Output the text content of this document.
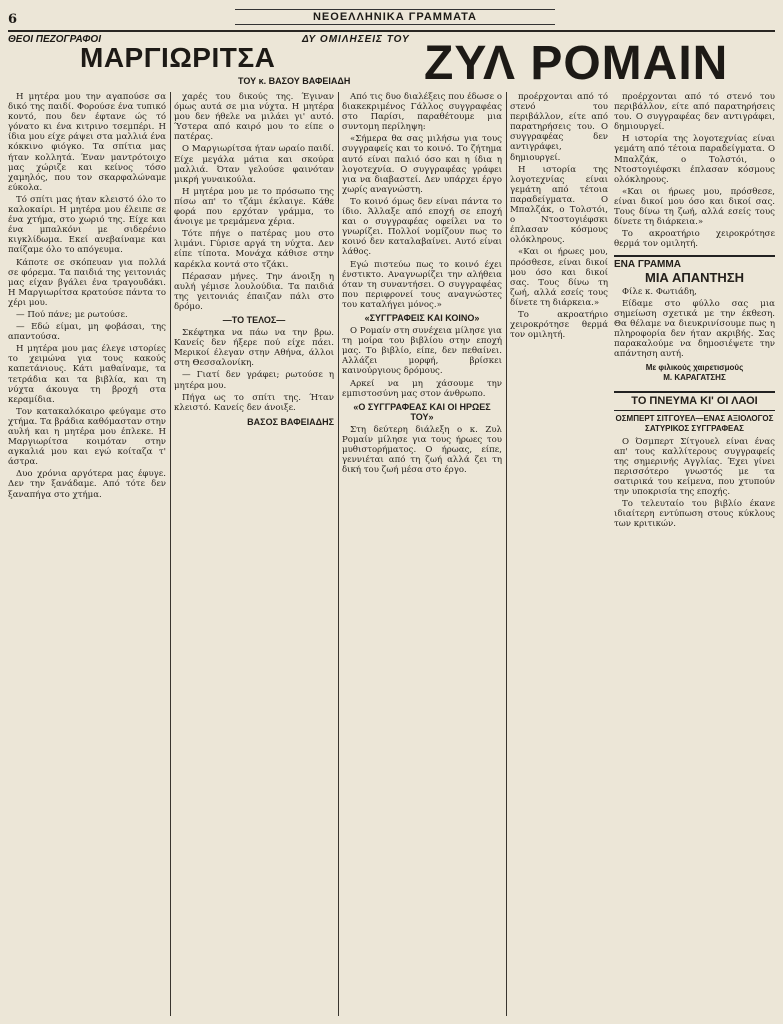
6	ΝΕΟΕΛΛΗΝΙΚΑ ΓΡΑΜΜΑΤΑ
ΘΕΟΙ ΠΕΖΟΓΡΑΦΟΙ	ΔΥ ΟΜΙΛΗΣΕΙΣ ΤΟΥ
ΜΑΡΓΙΩΡΙΤΣΑ	ΖΥΛ ΡΟΜΑΙΝ
ΤΟΥ κ. ΒΑΣΟΥ ΒΑΦΕΙΑΔΗ

Η μητέρα μου την αγαπούσε σα δικό της παιδί. Φορούσε ένα τυπικό κοντό, που δεν έφτανε ώς τό γόνατο κι ένα κιτρινο τσεμπέρι. Η ίδια μου είχε ράψει στα μαλλιά ένα κόκκινο φιόγκο. Τα σπίτια μας ήταν κολλητά. Έναν μαντρότοιχο μας χώριζε και κείνος τόσο χαμηλός, που τον σκαρφαλώναμε εύκολα.

Τό σπίτι μας ήταν κλειστό όλο το καλοκαίρι. Η μητέρα μου έλειπε σε ένα χτήμα, στο χωριό της. Είχε και ένα μπαλκόνι με σιδερένιο κιγκλίδωμα. Εκεί ανεβαίναμε και παίζαμε όλο το απόγευμα.

Κάποτε σε σκόπευαν για πολλά σε φόρεμα. Τα παιδιά της γειτονιάς μας είχαν βγάλει ένα τραγουδάκι. Η Μαργιωρίτσα κρατούσε πάντα το χέρι μου.

— Πού πάνε; με ρωτούσε.

— Εδώ είμαι, μη φοβάσαι, της απαντούσα.

Η μητέρα μου μας έλεγε ιστορίες το χειμώνα για τους κακούς καπετάνιους. Κάτι μαθαίναμε, τα τετράδια και τα βιβλία, και τη νύχτα άκουγα τη βροχή στα κεραμίδια.

Τον κατακαλόκαιρο φεύγαμε στο χτήμα. Τα βράδια καθόμασταν στην αυλή και η μητέρα μου έπλεκε. Η Μαργιωρίτσα κοιμόταν στην αγκαλιά μου και εγώ κοίταζα τ' άστρα.

Δυο χρόνια αργότερα μας έφυγε. Δεν την ξανάδαμε. Από τότε δεν ξαναπήγα στο χτήμα.

χαρές του δικούς της. Έγιναν όμως αυτά σε μια νύχτα. Η μητέρα μου δεν ήθελε να μιλάει γι' αυτό. Ύστερα από καιρό μου το είπε ο πατέρας.

Ο Μαργιωρίτσα ήταν ωραίο παιδί. Είχε μεγάλα μάτια και σκούρα μαλλιά. Όταν γελούσε φαινόταν μικρή γυναικούλα.

Η μητέρα μου με το πρόσωπο της πίσω απ' το τζάμι έκλαιγε. Κάθε φορά που ερχόταν γράμμα, το άνοιγε με τρεμάμενα χέρια.

Τότε πήγε ο πατέρας μου στο λιμάνι. Γύρισε αργά τη νύχτα. Δεν είπε τίποτα. Μονάχα κάθισε στην καρέκλα κοντά στο τζάκι.

Πέρασαν μήνες. Την άνοιξη η αυλή γέμισε λουλούδια. Τα παιδιά της γειτονιάς έπαιζαν πάλι στο δρόμο.

—ΤΟ ΤΕΛΟΣ—

Σκέφτηκα να πάω να την βρω. Κανείς δεν ήξερε πού είχε πάει. Μερικοί έλεγαν στην Αθήνα, άλλοι στη Θεσσαλονίκη.

— Γιατί δεν γράφει; ρωτούσε η μητέρα μου.

Πήγα ως το σπίτι της. Ήταν κλειστό. Κανείς δεν άνοιξε.

ΒΑΣΟΣ ΒΑΦΕΙΑΔΗΣ

Από τις δυο διαλέξεις που έδωσε ο διακεκριμένος Γάλλος συγγραφέας στο Παρίσι, παραθέτουμε μια συντομη περίληψη:

«Σήμερα θα σας μιλήσω για τους συγγραφείς και το κοινό. Το ζήτημα αυτό είναι παλιό όσο και η ίδια η λογοτεχνία. Ο συγγραφέας γράφει για να διαβαστεί. Δεν υπάρχει έργο χωρίς αναγνώστη.

Το κοινό όμως δεν είναι πάντα το ίδιο. Άλλαξε από εποχή σε εποχή και ο συγγραφέας οφείλει να το γνωρίζει. Πολλοί νομίζουν πως το κοινό δεν καταλαβαίνει. Αυτό είναι λάθος.

Εγώ πιστεύω πως το κοινό έχει ένστικτο. Αναγνωρίζει την αλήθεια όταν τη συναντήσει. Ο συγγραφέας που περιφρονεί τους αναγνώστες του καταλήγει μόνος.»

«ΣΥΓΓΡΑΦΕΙΣ ΚΑΙ ΚΟΙΝΟ»

Ο Ρομαίν στη συνέχεια μίλησε για τη μοίρα του βιβλίου στην εποχή μας. Το βιβλίο, είπε, δεν πεθαίνει. Αλλάζει μορφή, βρίσκει καινούργιους δρόμους.

Αρκεί να μη χάσουμε την εμπιστοσύνη μας στον άνθρωπο.

«Ο ΣΥΓΓΡΑΦΕΑΣ ΚΑΙ ΟΙ ΗΡΩΕΣ ΤΟΥ»

Στη δεύτερη διάλεξη ο κ. Ζυλ Ρομαίν μίλησε για τους ήρωες του μυθιστορήματος. Ο ήρωας, είπε, γεννιέται από τη ζωή αλλά ζει τη δική του ζωή μέσα στο έργο.

προέρχονται από τό στενό του περιβάλλον, είτε από παρατηρήσεις του. Ο συγγραφέας δεν αντιγράφει, δημιουργεί.

Η ιστορία της λογοτεχνίας είναι γεμάτη από τέτοια παραδείγματα. Ο Μπαλζάκ, ο Τολστόι, ο Ντοστογιέφσκι έπλασαν κόσμους ολόκληρους.

«Και οι ήρωες μου, πρόσθεσε, είναι δικοί μου όσο και δικοί σας. Τους δίνω τη ζωή, αλλά εσείς τους δίνετε τη διάρκεια.»

Το ακροατήριο χειροκρότησε θερμά τον ομιλητή.

προέρχονται από τό στενό του περιβάλλον, είτε από παρατηρήσεις του. Ο συγγραφέας δεν αντιγράφει, δημιουργεί.

Η ιστορία της λογοτεχνίας είναι γεμάτη από τέτοια παραδείγματα. Ο Μπαλζάκ, ο Τολστόι, ο Ντοστογιέφσκι έπλασαν κόσμους ολόκληρους.

«Και οι ήρωες μου, πρόσθεσε, είναι δικοί μου όσο και δικοί σας. Τους δίνω τη ζωή, αλλά εσείς τους δίνετε τη διάρκεια.»

Το ακροατήριο χειροκρότησε θερμά τον ομιλητή.

ΕΝΑ ΓΡΑΜΜΑ
ΜΙΑ ΑΠΑΝΤΗΣΗ

Φίλε κ. Φωτιάδη,

Είδαμε στο φύλλο σας μια σημείωση σχετικά με την έκθεση. Θα θέλαμε να διευκρινίσουμε πως η πληροφορία δεν ήταν ακριβής. Σας παρακαλούμε να δημοσιέψετε την απάντηση αυτή.

Με φιλικούς χαιρετισμούς
Μ. ΚΑΡΑΓΑΤΣΗΣ
ΤΟ ΠΝΕΥΜΑ ΚΙ' ΟΙ ΛΑΟΙ
ΟΣΜΠΕΡΤ ΣΙΤΓΟΥΕΛ—ΕΝΑΣ ΑΞΙΟΛΟΓΟΣ ΣΑΤΥΡΙΚΟΣ ΣΥΓΓΡΑΦΕΑΣ

Ο Όσμπερτ Σίτγουελ είναι ένας απ' τους καλλίτερους συγγραφείς της σημερινής Αγγλίας. Έχει γίνει περισσότερο γνωστός με τα σατιρικά του κείμενα, που χτυπούν την υποκρισία της εποχής.

Το τελευταίο του βιβλίο έκανε ιδιαίτερη εντύπωση στους κύκλους των κριτικών.
